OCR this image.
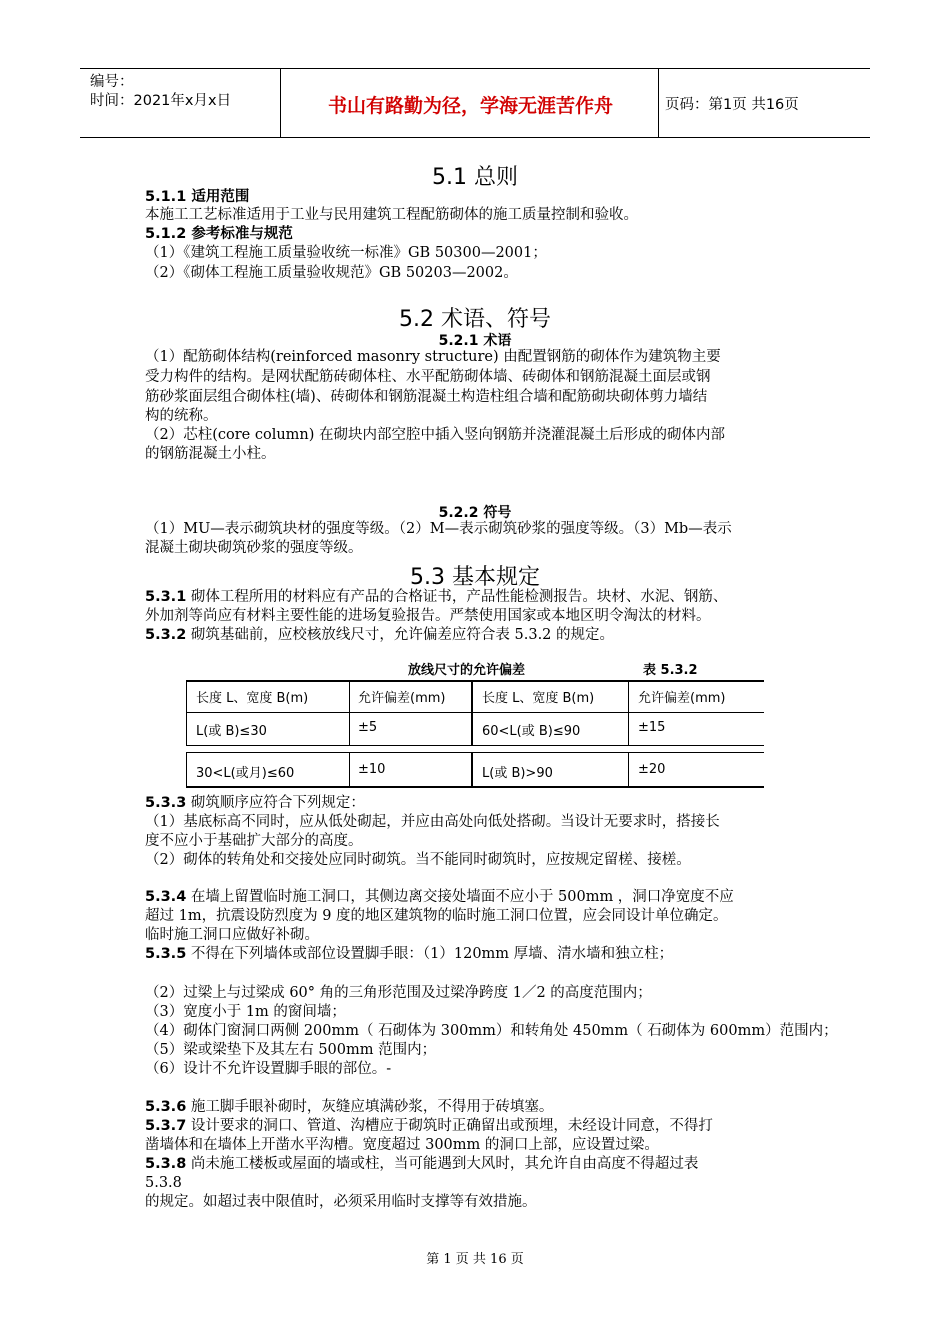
编号：
时间：2021年x月x日	书山有路勤为径，学海无涯苦作舟	页码：第1页 共16页
5.1 总则
5.1.1 适用范围
本施工工艺标准适用于工业与民用建筑工程配筋砌体的施工质量控制和验收。
5.1.2 参考标准与规范
（1）《建筑工程施工质量验收统一标准》GB 50300—2001；
（2）《砌体工程施工质量验收规范》GB 50203—2002。
5.2 术语、符号
5.2.1 术语
（1）配筋砌体结构(reinforced masonry structure) 由配置钢筋的砌体作为建筑物主要
受力构件的结构。是网状配筋砖砌体柱、水平配筋砌体墙、砖砌体和钢筋混凝土面层或钢
筋砂浆面层组合砌体柱(墙)、砖砌体和钢筋混凝土构造柱组合墙和配筋砌块砌体剪力墙结
构的统称。
（2）芯柱(core column) 在砌块内部空腔中插入竖向钢筋并浇灌混凝土后形成的砌体内部
的钢筋混凝土小柱。
5.2.2 符号
（1）MU—表示砌筑块材的强度等级。（2）M—表示砌筑砂浆的强度等级。（3）Mb—表示
混凝土砌块砌筑砂浆的强度等级。
5.3 基本规定
5.3.1 砌体工程所用的材料应有产品的合格证书，产品性能检测报告。块材、水泥、钢筋、
外加剂等尚应有材料主要性能的进场复验报告。严禁使用国家或本地区明令淘汰的材料。
5.3.2 砌筑基础前，应校核放线尺寸，允许偏差应符合表 5.3.2 的规定。
放线尺寸的允许偏差	表 5.3.2
长度 L、宽度 B(m)	允许偏差(mm)	长度 L、宽度 B(m)	允许偏差(mm)
L(或 B)≤30	±5	60<L(或 B)≤90	±15
30<L(或月)≤60	±10	L(或 B)>90	±20
5.3.3 砌筑顺序应符合下列规定：
（1）基底标高不同时，应从低处砌起，并应由高处向低处搭砌。当设计无要求时，搭接长
度不应小于基础扩大部分的高度。
（2）砌体的转角处和交接处应同时砌筑。当不能同时砌筑时，应按规定留槎、接槎。
5.3.4 在墙上留置临时施工洞口，其侧边离交接处墙面不应小于 500mm ，洞口净宽度不应
超过 1m，抗震设防烈度为 9 度的地区建筑物的临时施工洞口位置，应会同设计单位确定。
临时施工洞口应做好补砌。
5.3.5 不得在下列墙体或部位设置脚手眼：（1）120mm 厚墙、清水墙和独立柱；
（2）过梁上与过梁成 60° 角的三角形范围及过梁净跨度 1／2 的高度范围内；
（3）宽度小于 1m 的窗间墙；
（4）砌体门窗洞口两侧 200mm（ 石砌体为 300mm）和转角处 450mm（ 石砌体为 600mm）范围内；
（5）梁或梁垫下及其左右 500mm 范围内；
（6）设计不允许设置脚手眼的部位。-
5.3.6 施工脚手眼补砌时，灰缝应填满砂浆，不得用于砖填塞。
5.3.7 设计要求的洞口、管道、沟槽应于砌筑时正确留出或预埋，未经设计同意，不得打
凿墙体和在墙体上开凿水平沟槽。宽度超过 300mm 的洞口上部，应设置过梁。
5.3.8 尚未施工楼板或屋面的墙或柱，当可能遇到大风时，其允许自由高度不得超过表
5.3.8
的规定。如超过表中限值时，必须采用临时支撑等有效措施。
第 1 页 共 16 页
